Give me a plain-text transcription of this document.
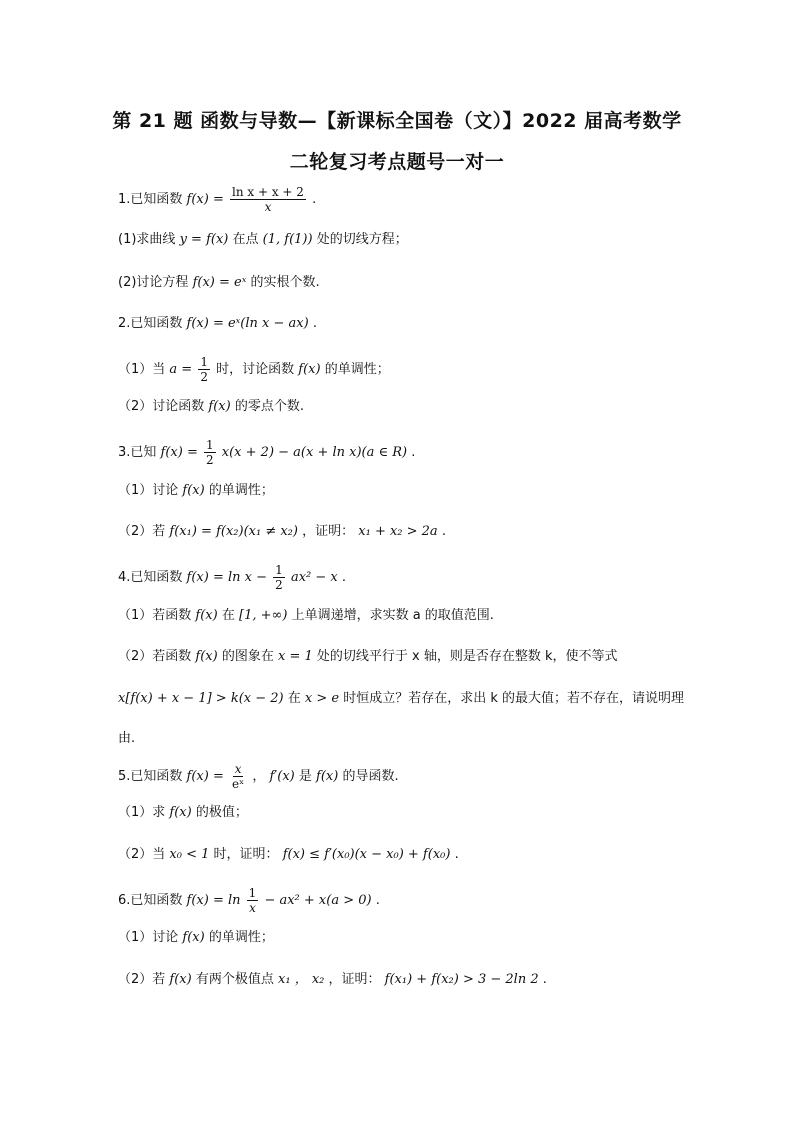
第 21 题 函数与导数—【新课标全国卷（文）】2022 届高考数学
二轮复习考点题号一对一
1.已知函数 $f(x) = \frac{\text{ln x + x + 2}}{x}$ .
(1)求曲线 y = f(x) 在点 (1, f(1)) 处的切线方程；
(2)讨论方程 f(x) = eˣ 的实根个数.
2.已知函数 f(x) = eˣ(ln x − ax) .
（1）当 $a = \frac{1}{2}$ 时，讨论函数 f(x) 的单调性；
（2）讨论函数 f(x) 的零点个数.
3.已知 $f(x) = \frac{1}{2} x(x + 2) - a(x + \ln x)(a$ ∈ R) .
（1）讨论 f(x) 的单调性；
（2）若 f(x₁) = f(x₂)(x₁ ≠ x₂) ，证明： x₁ + x₂ > 2a .
4.已知函数 $f(x) = \ln x - \frac{1}{2} ax^2 - x$ .
（1）若函数 f(x) 在 [1, +∞) 上单调递增，求实数 a 的取值范围.
（2）若函数 f(x) 的图象在 x = 1 处的切线平行于 x 轴，则是否存在整数 k，使不等式
x[f(x) + x − 1] > k(x − 2) 在 x > e 时恒成立？若存在，求出 k 的最大值；若不存在，请说明理
由.
5.已知函数 $f(x) = \frac{x}{\text{eˣ}}$ ， f′(x) 是 f(x) 的导函数.
（1）求 f(x) 的极值；
（2）当 x₀ < 1 时，证明： f(x) ≤ f′(x₀)(x − x₀) + f(x₀) .
6.已知函数 $f(x) = \ln \frac{1}{x} - ax^2 + x(a > 0)$ .
（1）讨论 f(x) 的单调性；
（2）若 f(x) 有两个极值点 x₁ ， x₂ ，证明： f(x₁) + f(x₂) > 3 − 2ln 2 .
